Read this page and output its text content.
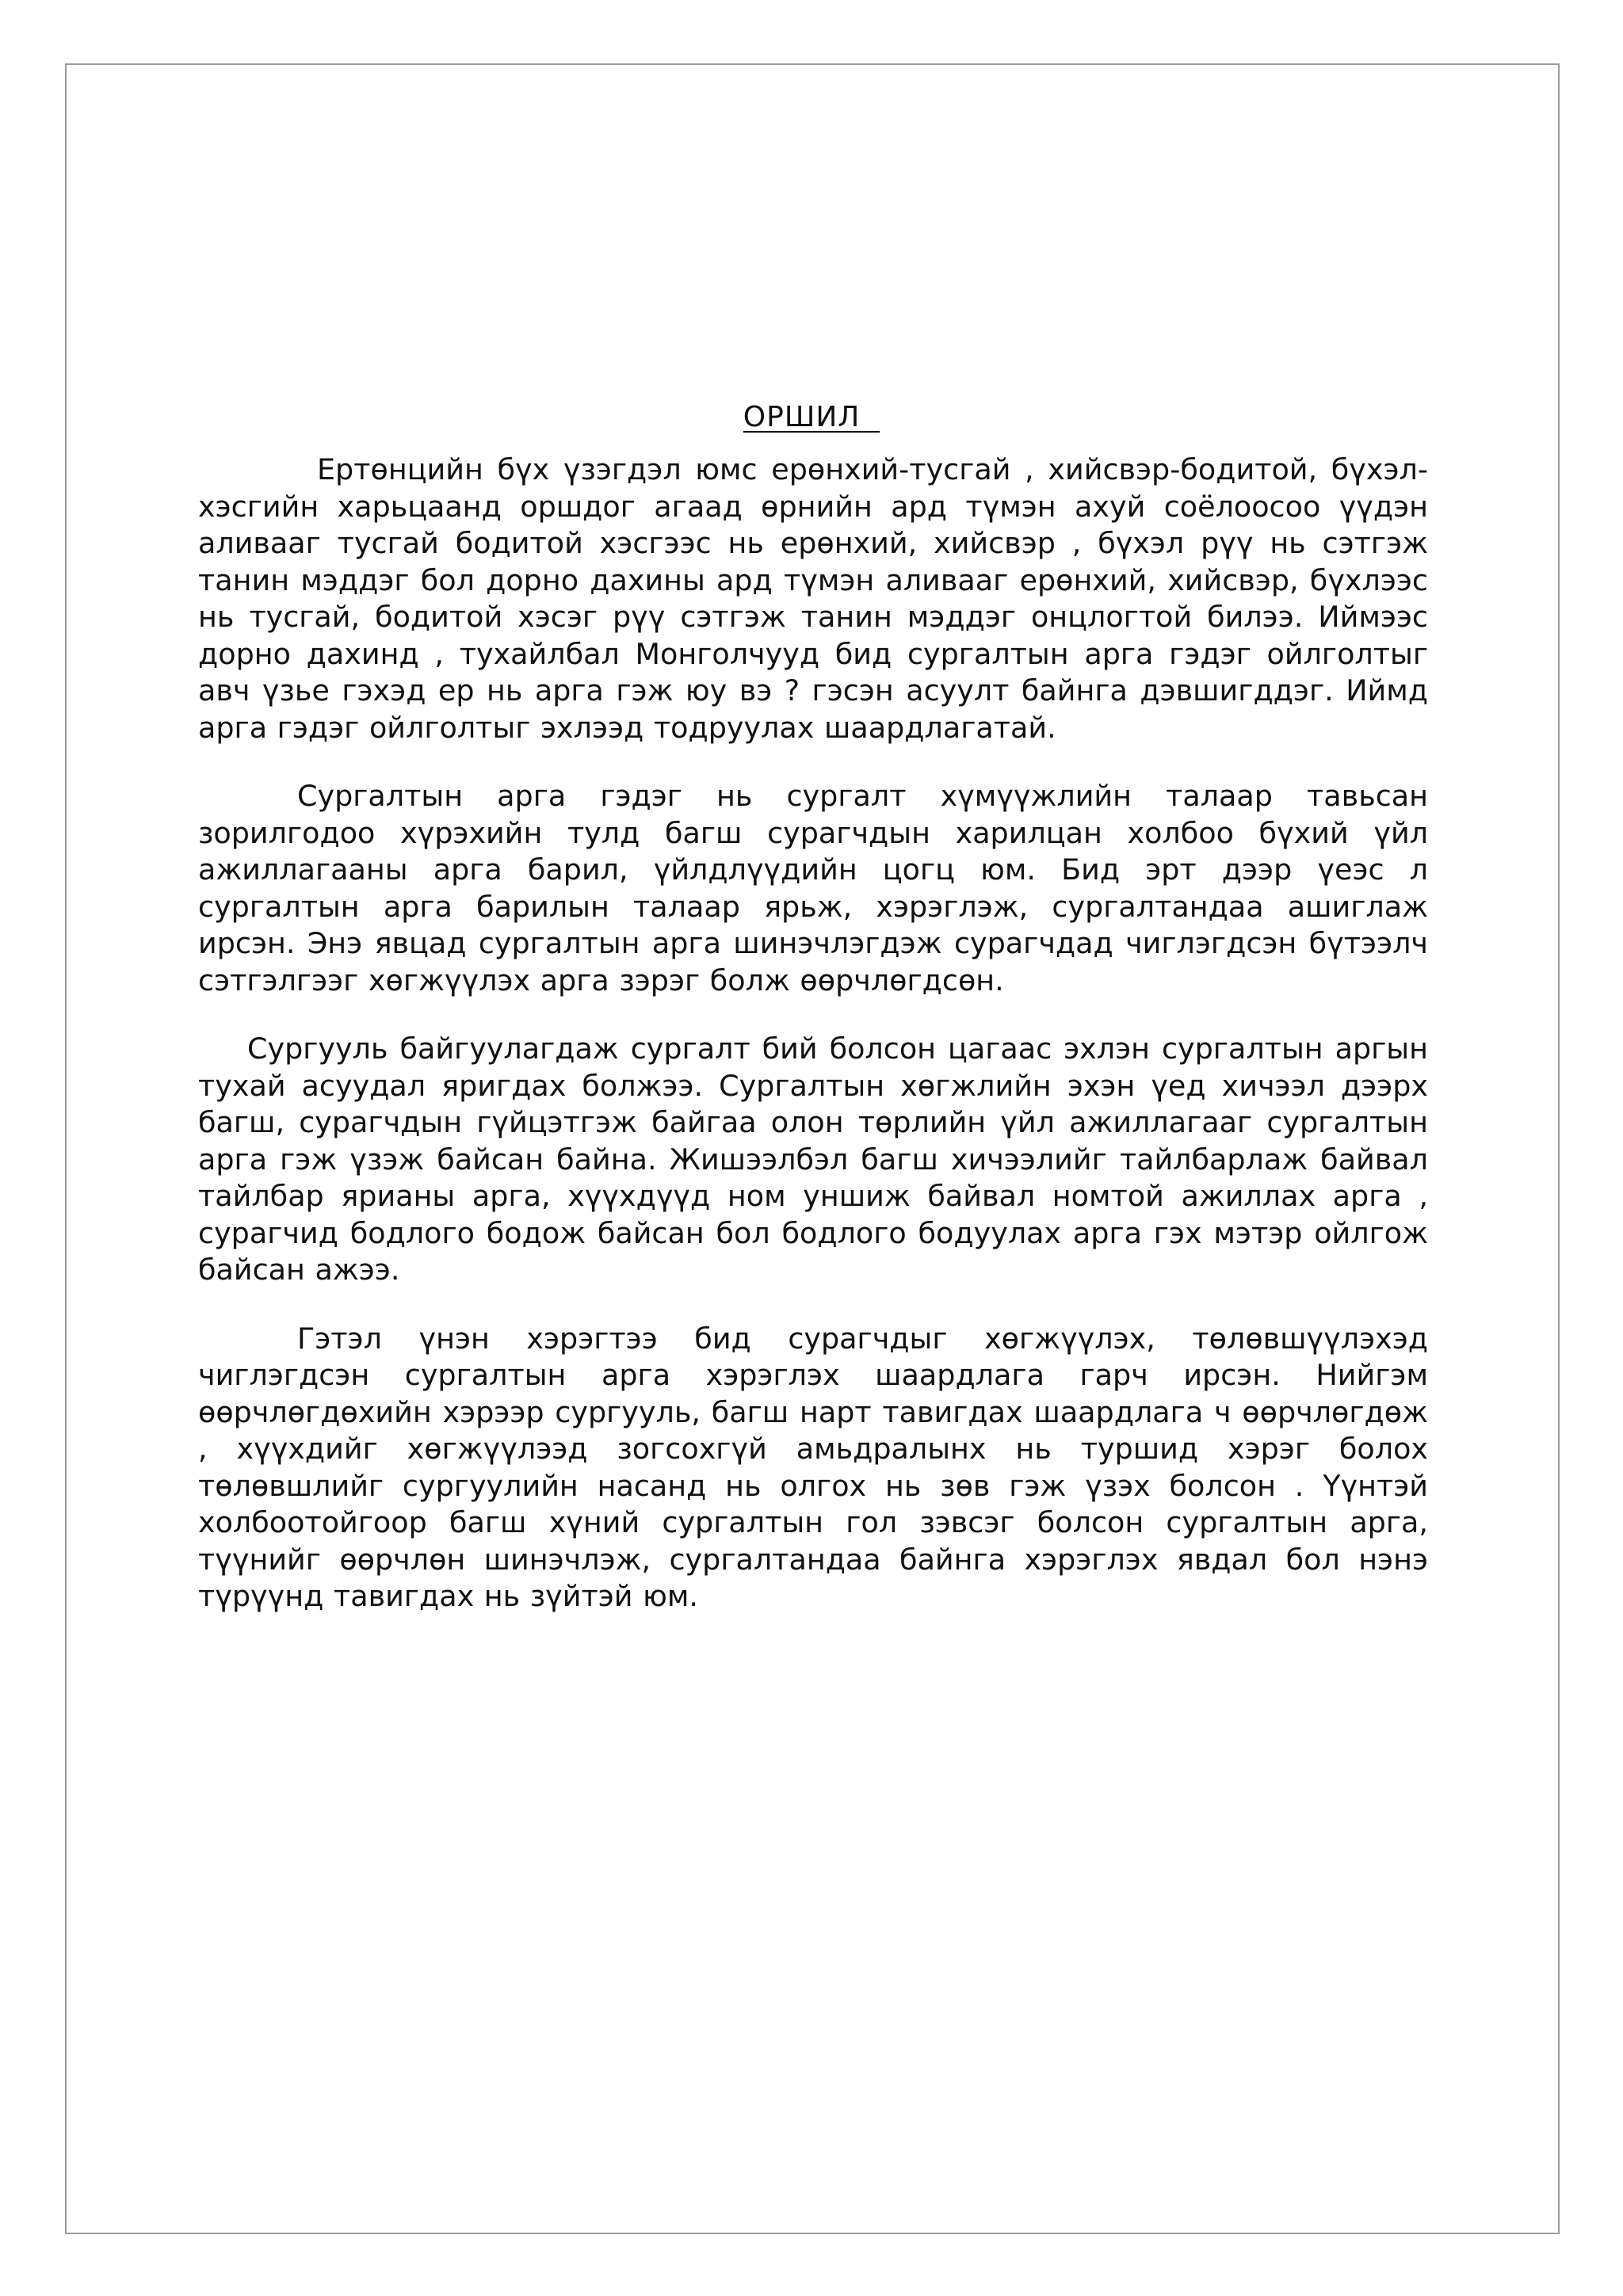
ОРШИЛ

Ертөнцийн бүх үзэгдэл юмс ерөнхий-тусгай , хийсвэр-бодитой, бүхэл-хэсгийн харьцаанд оршдог агаад өрнийн ард түмэн ахуй соёлоосоо үүдэн аливааг тусгай бодитой хэсгээс нь ерөнхий, хийсвэр , бүхэл рүү нь сэтгэж танин мэддэг бол дорно дахины ард түмэн аливааг ерөнхий, хийсвэр, бүхлээс нь тусгай, бодитой хэсэг рүү сэтгэж танин мэддэг онцлогтой билээ. Иймээс дорно дахинд , тухайлбал Монголчууд бид сургалтын арга гэдэг ойлголтыг авч үзье гэхэд ер нь арга гэж юу вэ ? гэсэн асуулт байнга дэвшигддэг. Иймд арга гэдэг ойлголтыг эхлээд тодруулах шаардлагатай.

Сургалтын арга гэдэг нь сургалт хүмүүжлийн талаар тавьсан зорилгодоо хүрэхийн тулд багш сурагчдын харилцан холбоо бүхий үйл ажиллагааны арга барил, үйлдлүүдийн цогц юм. Бид эрт дээр үеэс л сургалтын арга барилын талаар ярьж, хэрэглэж, сургалтандаа ашиглаж ирсэн. Энэ явцад сургалтын арга шинэчлэгдэж сурагчдад чиглэгдсэн бүтээлч сэтгэлгээг хөгжүүлэх арга зэрэг болж өөрчлөгдсөн.

Сургууль байгуулагдаж сургалт бий болсон цагаас эхлэн сургалтын аргын тухай асуудал яригдах болжээ. Сургалтын хөгжлийн эхэн үед хичээл дээрх багш, сурагчдын гүйцэтгэж байгаа олон төрлийн үйл ажиллагааг сургалтын арга гэж үзэж байсан байна. Жишээлбэл багш хичээлийг тайлбарлаж байвал тайлбар ярианы арга, хүүхдүүд ном уншиж байвал номтой ажиллах арга , сурагчид бодлого бодож байсан бол бодлого бодуулах арга гэх мэтэр ойлгож байсан ажээ.

Гэтэл үнэн хэрэгтээ бид сурагчдыг хөгжүүлэх, төлөвшүүлэхэд чиглэгдсэн сургалтын арга хэрэглэх шаардлага гарч ирсэн. Нийгэм өөрчлөгдөхийн хэрээр сургууль, багш нарт тавигдах шаардлага ч өөрчлөгдөж , хүүхдийг хөгжүүлээд зогсохгүй амьдралынх нь туршид хэрэг болох төлөвшлийг сургуулийн насанд нь олгох нь зөв гэж үзэх болсон . Үүнтэй холбоотойгоор багш хүний сургалтын гол зэвсэг болсон сургалтын арга, түүнийг өөрчлөн шинэчлэж, сургалтандаа байнга хэрэглэх явдал бол нэнэ түрүүнд тавигдах нь зүйтэй юм.
